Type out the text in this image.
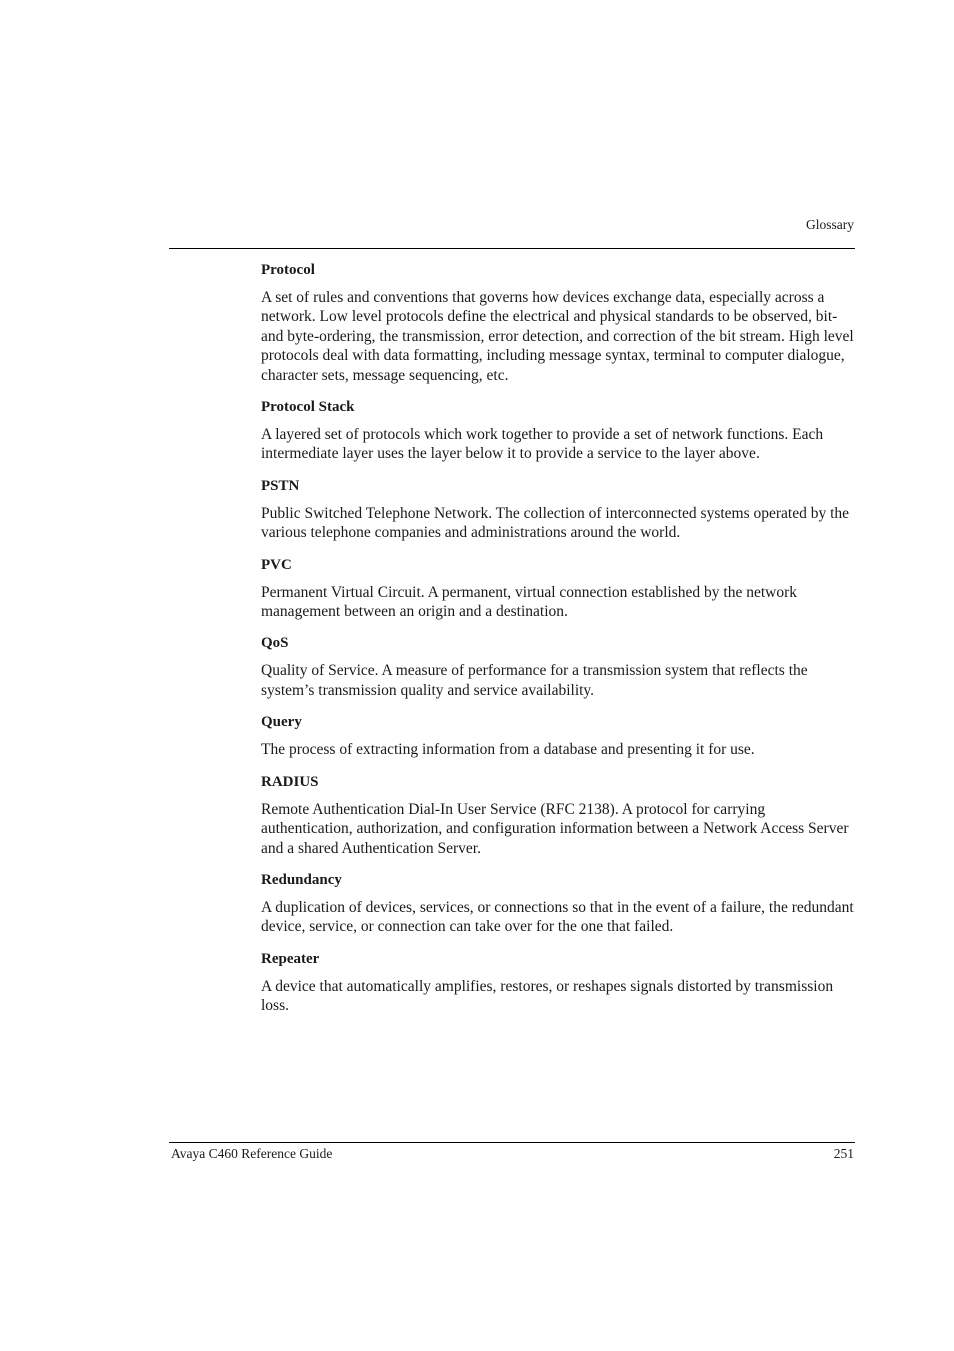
Glossary

Protocol

A set of rules and conventions that governs how devices exchange data, especially across a network. Low level protocols define the electrical and physical standards to be observed, bit- and byte-ordering, the transmission, error detection, and correction of the bit stream. High level protocols deal with data formatting, including message syntax, terminal to computer dialogue, character sets, message sequencing, etc.

Protocol Stack

A layered set of protocols which work together to provide a set of network functions. Each intermediate layer uses the layer below it to provide a service to the layer above.

PSTN

Public Switched Telephone Network. The collection of interconnected systems operated by the various telephone companies and administrations around the world.

PVC

Permanent Virtual Circuit. A permanent, virtual connection established by the network management between an origin and a destination.

QoS

Quality of Service. A measure of performance for a transmission system that reflects the system’s transmission quality and service availability.

Query

The process of extracting information from a database and presenting it for use.

RADIUS

Remote Authentication Dial-In User Service (RFC 2138). A protocol for carrying authentication, authorization, and configuration information between a Network Access Server and a shared Authentication Server.

Redundancy

A duplication of devices, services, or connections so that in the event of a failure, the redundant device, service, or connection can take over for the one that failed.

Repeater

A device that automatically amplifies, restores, or reshapes signals distorted by transmission loss.

Avaya C460 Reference Guide	251
